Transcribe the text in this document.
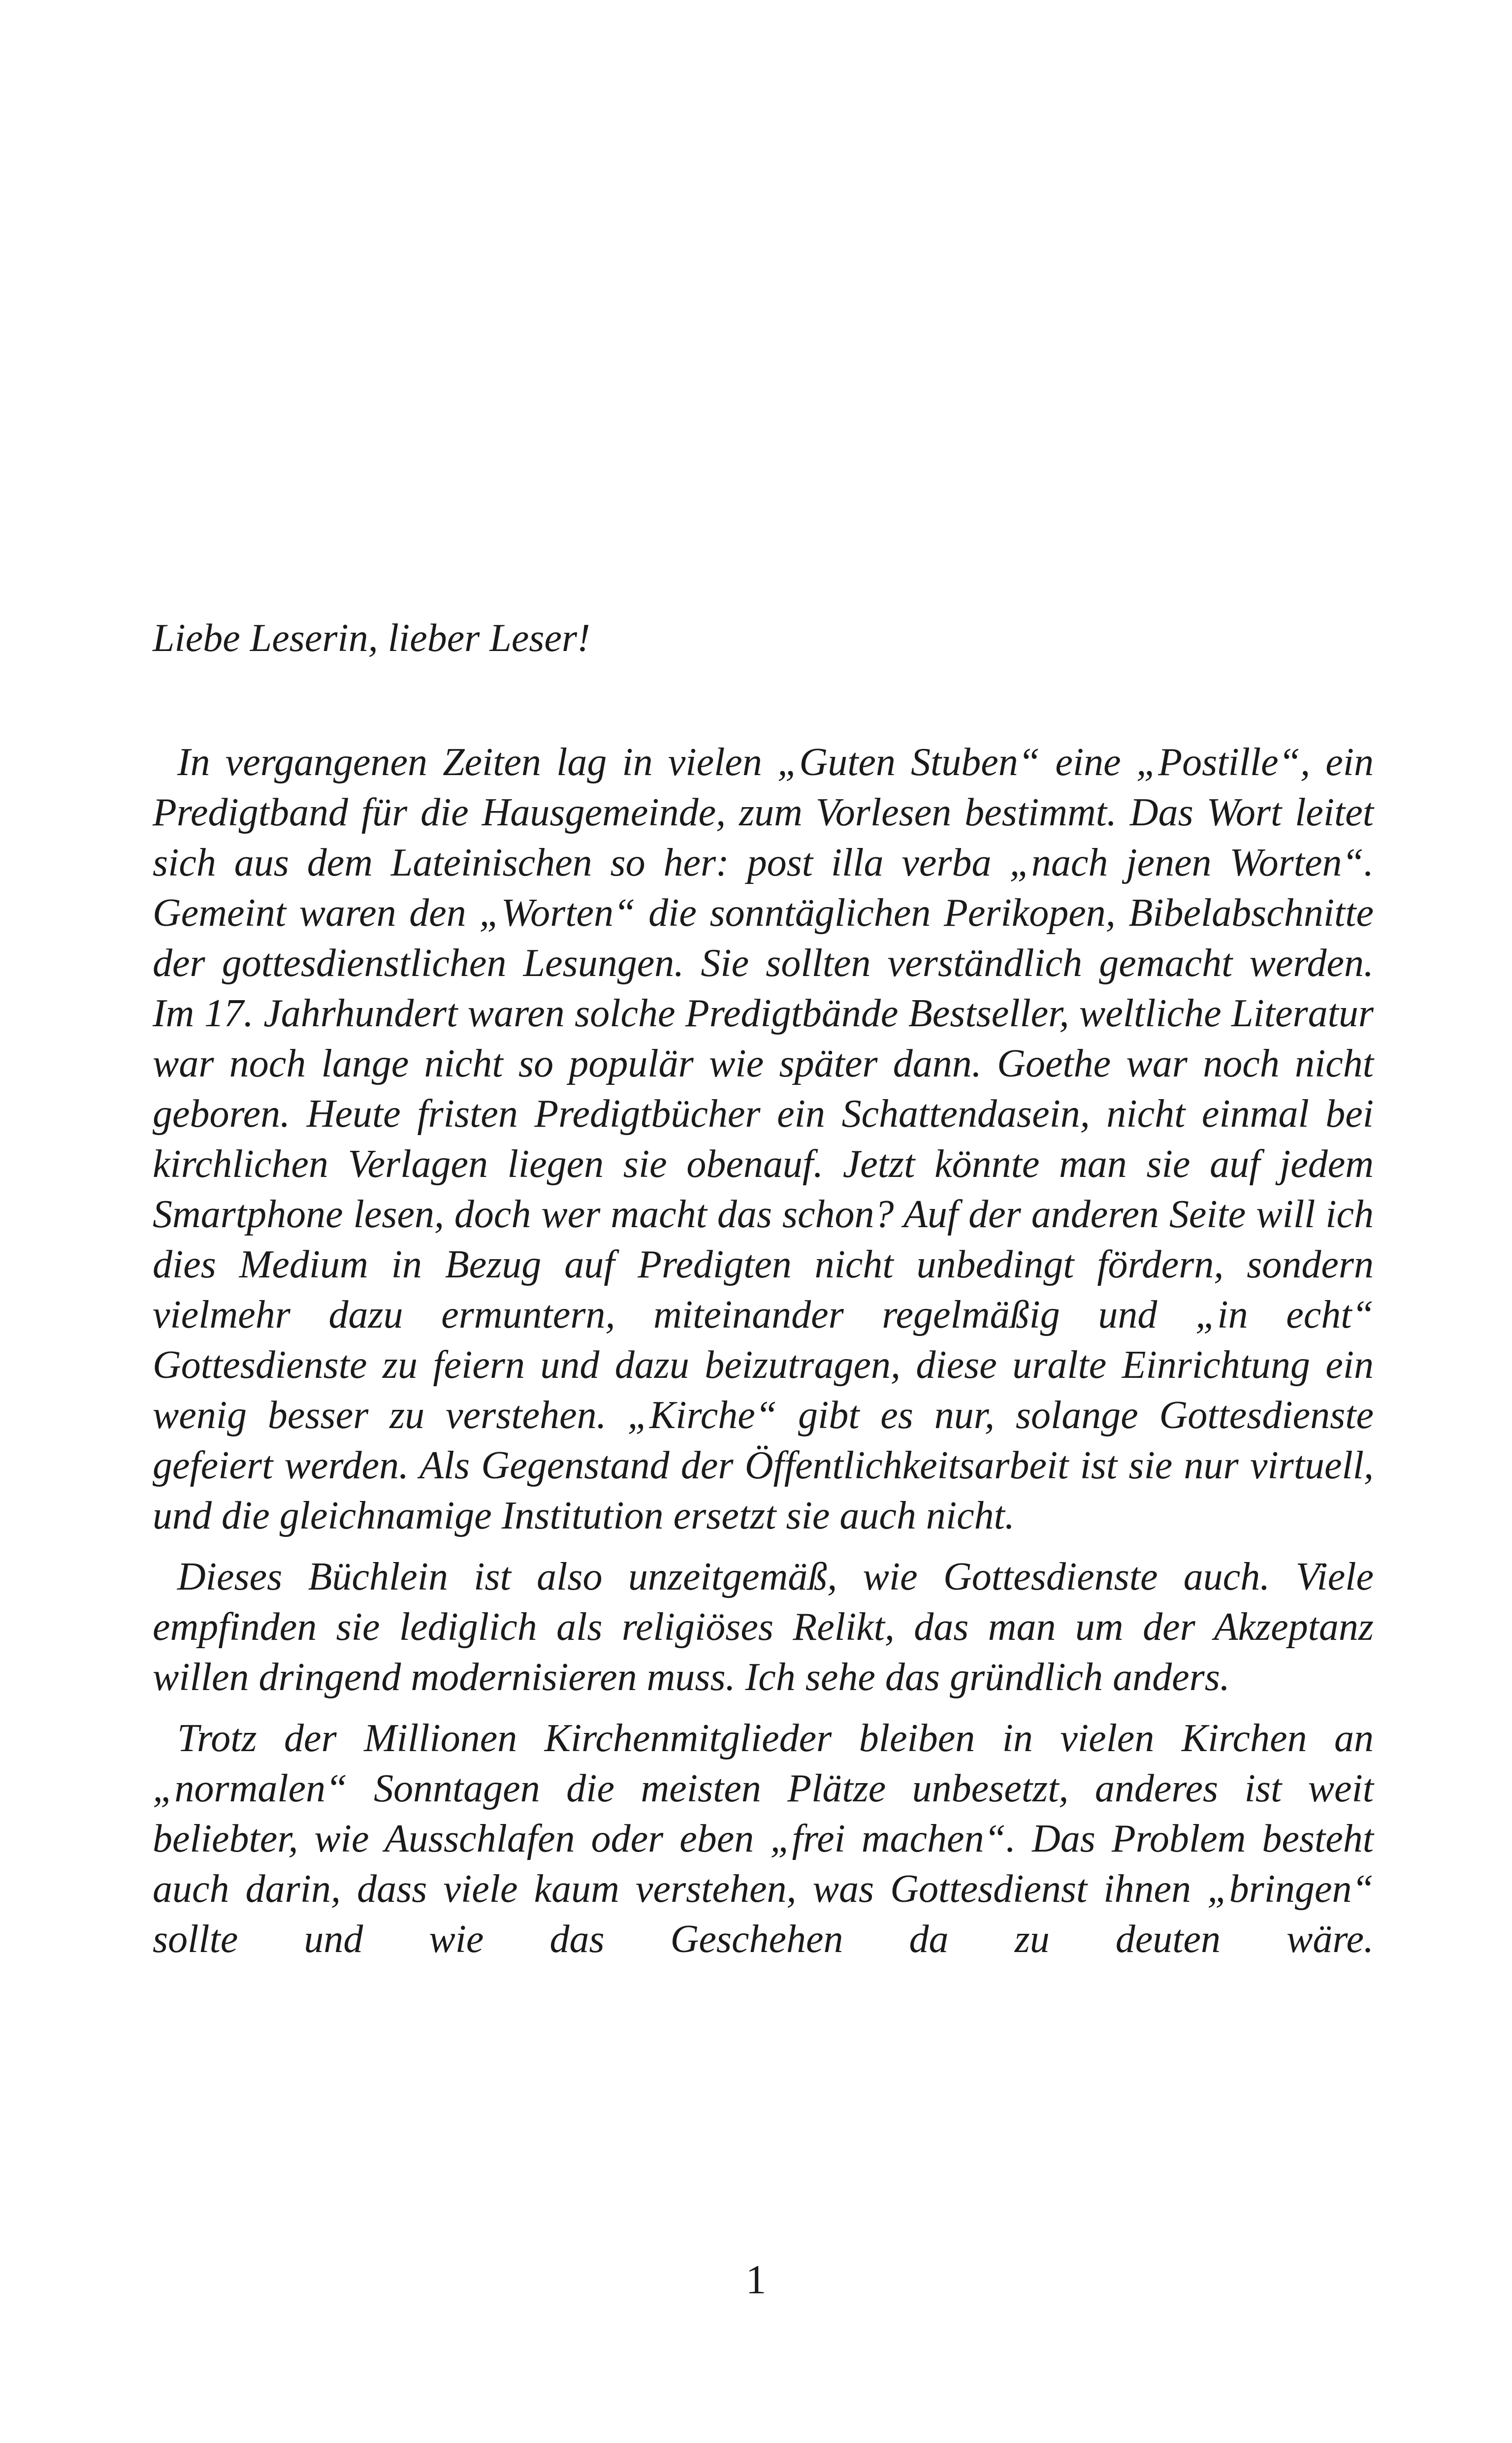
Liebe Leserin, lieber Leser!

In vergangenen Zeiten lag in vielen „Guten Stuben“ eine „Postille“, ein Predigtband für die Hausgemeinde, zum Vorlesen bestimmt. Das Wort leitet sich aus dem Lateinischen so her: post illa verba „nach jenen Worten“. Gemeint waren den „Worten“ die sonntäglichen Perikopen, Bibelabschnitte der gottesdienstlichen Lesungen. Sie sollten verständlich gemacht werden. Im 17. Jahrhundert waren solche Predigtbände Bestseller, weltliche Literatur war noch lange nicht so populär wie später dann. Goethe war noch nicht geboren. Heute fristen Predigtbücher ein Schattendasein, nicht einmal bei kirchlichen Verlagen liegen sie obenauf. Jetzt könnte man sie auf jedem Smartphone lesen, doch wer macht das schon? Auf der anderen Seite will ich dies Medium in Bezug auf Predigten nicht unbedingt fördern, sondern vielmehr dazu ermuntern, miteinander regelmäßig und „in echt“ Gottesdienste zu feiern und dazu beizutragen, diese uralte Einrichtung ein wenig besser zu verstehen. „Kirche“ gibt es nur, solange Gottesdienste gefeiert werden. Als Gegenstand der Öffentlichkeitsarbeit ist sie nur virtuell, und die gleichnamige Institution ersetzt sie auch nicht.

Dieses Büchlein ist also unzeitgemäß, wie Gottesdienste auch. Viele empfinden sie lediglich als religiöses Relikt, das man um der Akzeptanz willen dringend modernisieren muss. Ich sehe das gründlich anders.

Trotz der Millionen Kirchenmitglieder bleiben in vielen Kirchen an „normalen“ Sonntagen die meisten Plätze unbesetzt, anderes ist weit beliebter, wie Ausschlafen oder eben „frei machen“. Das Problem besteht auch darin, dass viele kaum verstehen, was Gottesdienst ihnen „bringen“ sollte und wie das Geschehen da zu deuten wäre.

1
